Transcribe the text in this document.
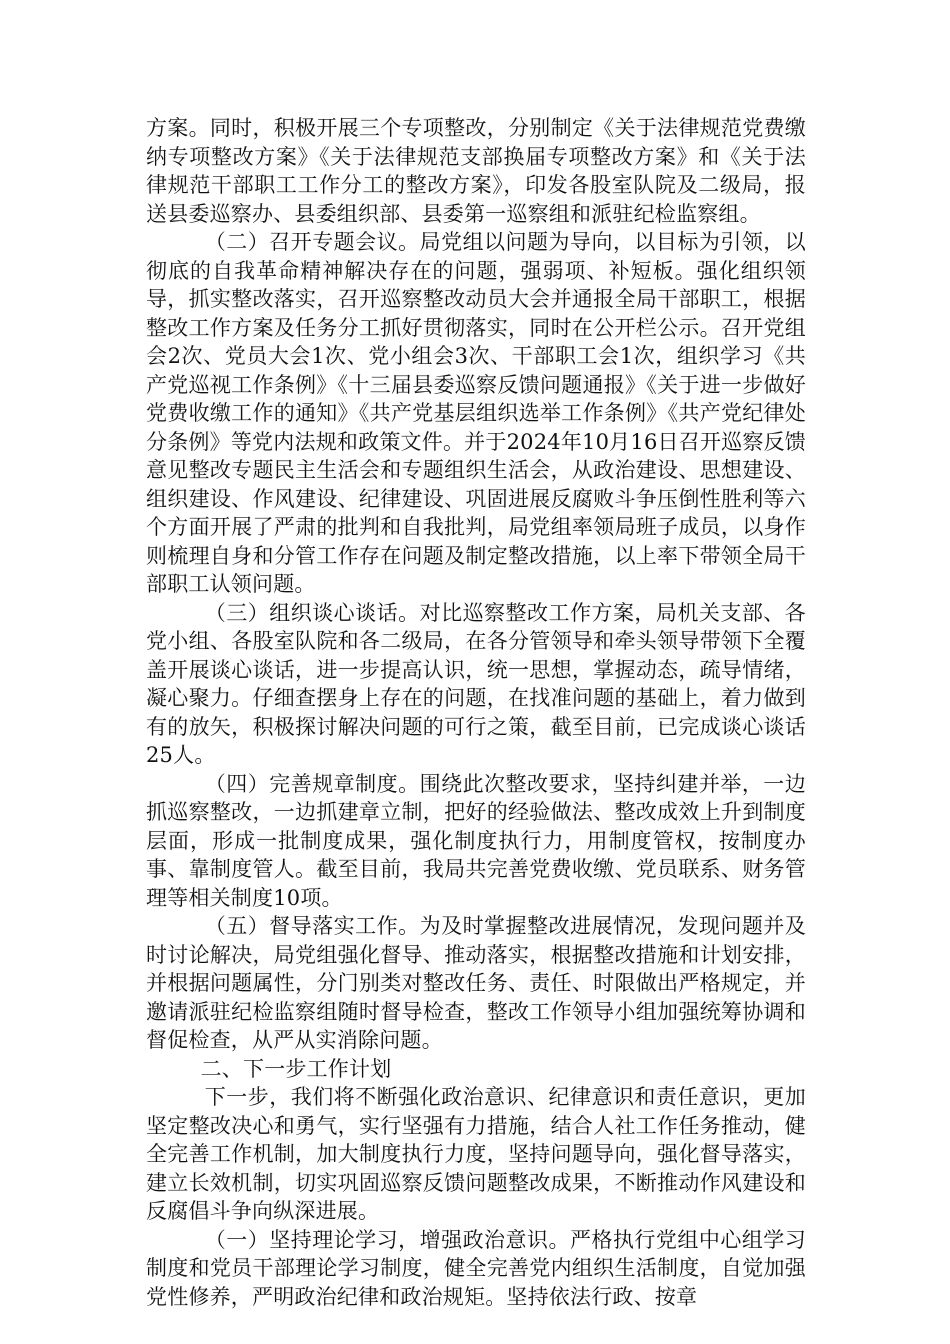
方案。同时，积极开展三个专项整改，分别制定《关于法律规范党费缴纳专项整改方案》《关于法律规范支部换届专项整改方案》和《关于法律规范干部职工工作分工的整改方案》，印发各股室队院及二级局，报送县委巡察办、县委组织部、县委第一巡察组和派驻纪检监察组。

（二）召开专题会议。局党组以问题为导向，以目标为引领，以彻底的自我革命精神解决存在的问题，强弱项、补短板。强化组织领导，抓实整改落实，召开巡察整改动员大会并通报全局干部职工，根据整改工作方案及任务分工抓好贯彻落实，同时在公开栏公示。召开党组会2次、党员大会1次、党小组会3次、干部职工会1次，组织学习《共产党巡视工作条例》《十三届县委巡察反馈问题通报》《关于进一步做好党费收缴工作的通知》《共产党基层组织选举工作条例》《共产党纪律处分条例》等党内法规和政策文件。并于2024年10月16日召开巡察反馈意见整改专题民主生活会和专题组织生活会，从政治建设、思想建设、组织建设、作风建设、纪律建设、巩固进展反腐败斗争压倒性胜利等六个方面开展了严肃的批判和自我批判，局党组率领局班子成员，以身作则梳理自身和分管工作存在问题及制定整改措施，以上率下带领全局干部职工认领问题。

（三）组织谈心谈话。对比巡察整改工作方案，局机关支部、各党小组、各股室队院和各二级局，在各分管领导和牵头领导带领下全覆盖开展谈心谈话，进一步提高认识，统一思想，掌握动态，疏导情绪，凝心聚力。仔细查摆身上存在的问题，在找准问题的基础上，着力做到有的放矢，积极探讨解决问题的可行之策，截至目前，已完成谈心谈话25人。

（四）完善规章制度。围绕此次整改要求，坚持纠建并举，一边抓巡察整改，一边抓建章立制，把好的经验做法、整改成效上升到制度层面，形成一批制度成果，强化制度执行力，用制度管权，按制度办事、靠制度管人。截至目前，我局共完善党费收缴、党员联系、财务管理等相关制度10项。

（五）督导落实工作。为及时掌握整改进展情况，发现问题并及时讨论解决，局党组强化督导、推动落实，根据整改措施和计划安排，并根据问题属性，分门别类对整改任务、责任、时限做出严格规定，并邀请派驻纪检监察组随时督导检查，整改工作领导小组加强统筹协调和督促检查，从严从实消除问题。

二、下一步工作计划

下一步，我们将不断强化政治意识、纪律意识和责任意识，更加坚定整改决心和勇气，实行坚强有力措施，结合人社工作任务推动，健全完善工作机制，加大制度执行力度，坚持问题导向，强化督导落实，建立长效机制，切实巩固巡察反馈问题整改成果，不断推动作风建设和反腐倡斗争向纵深进展。

（一）坚持理论学习，增强政治意识。严格执行党组中心组学习制度和党员干部理论学习制度，健全完善党内组织生活制度，自觉加强党性修养，严明政治纪律和政治规矩。坚持依法行政、按章
